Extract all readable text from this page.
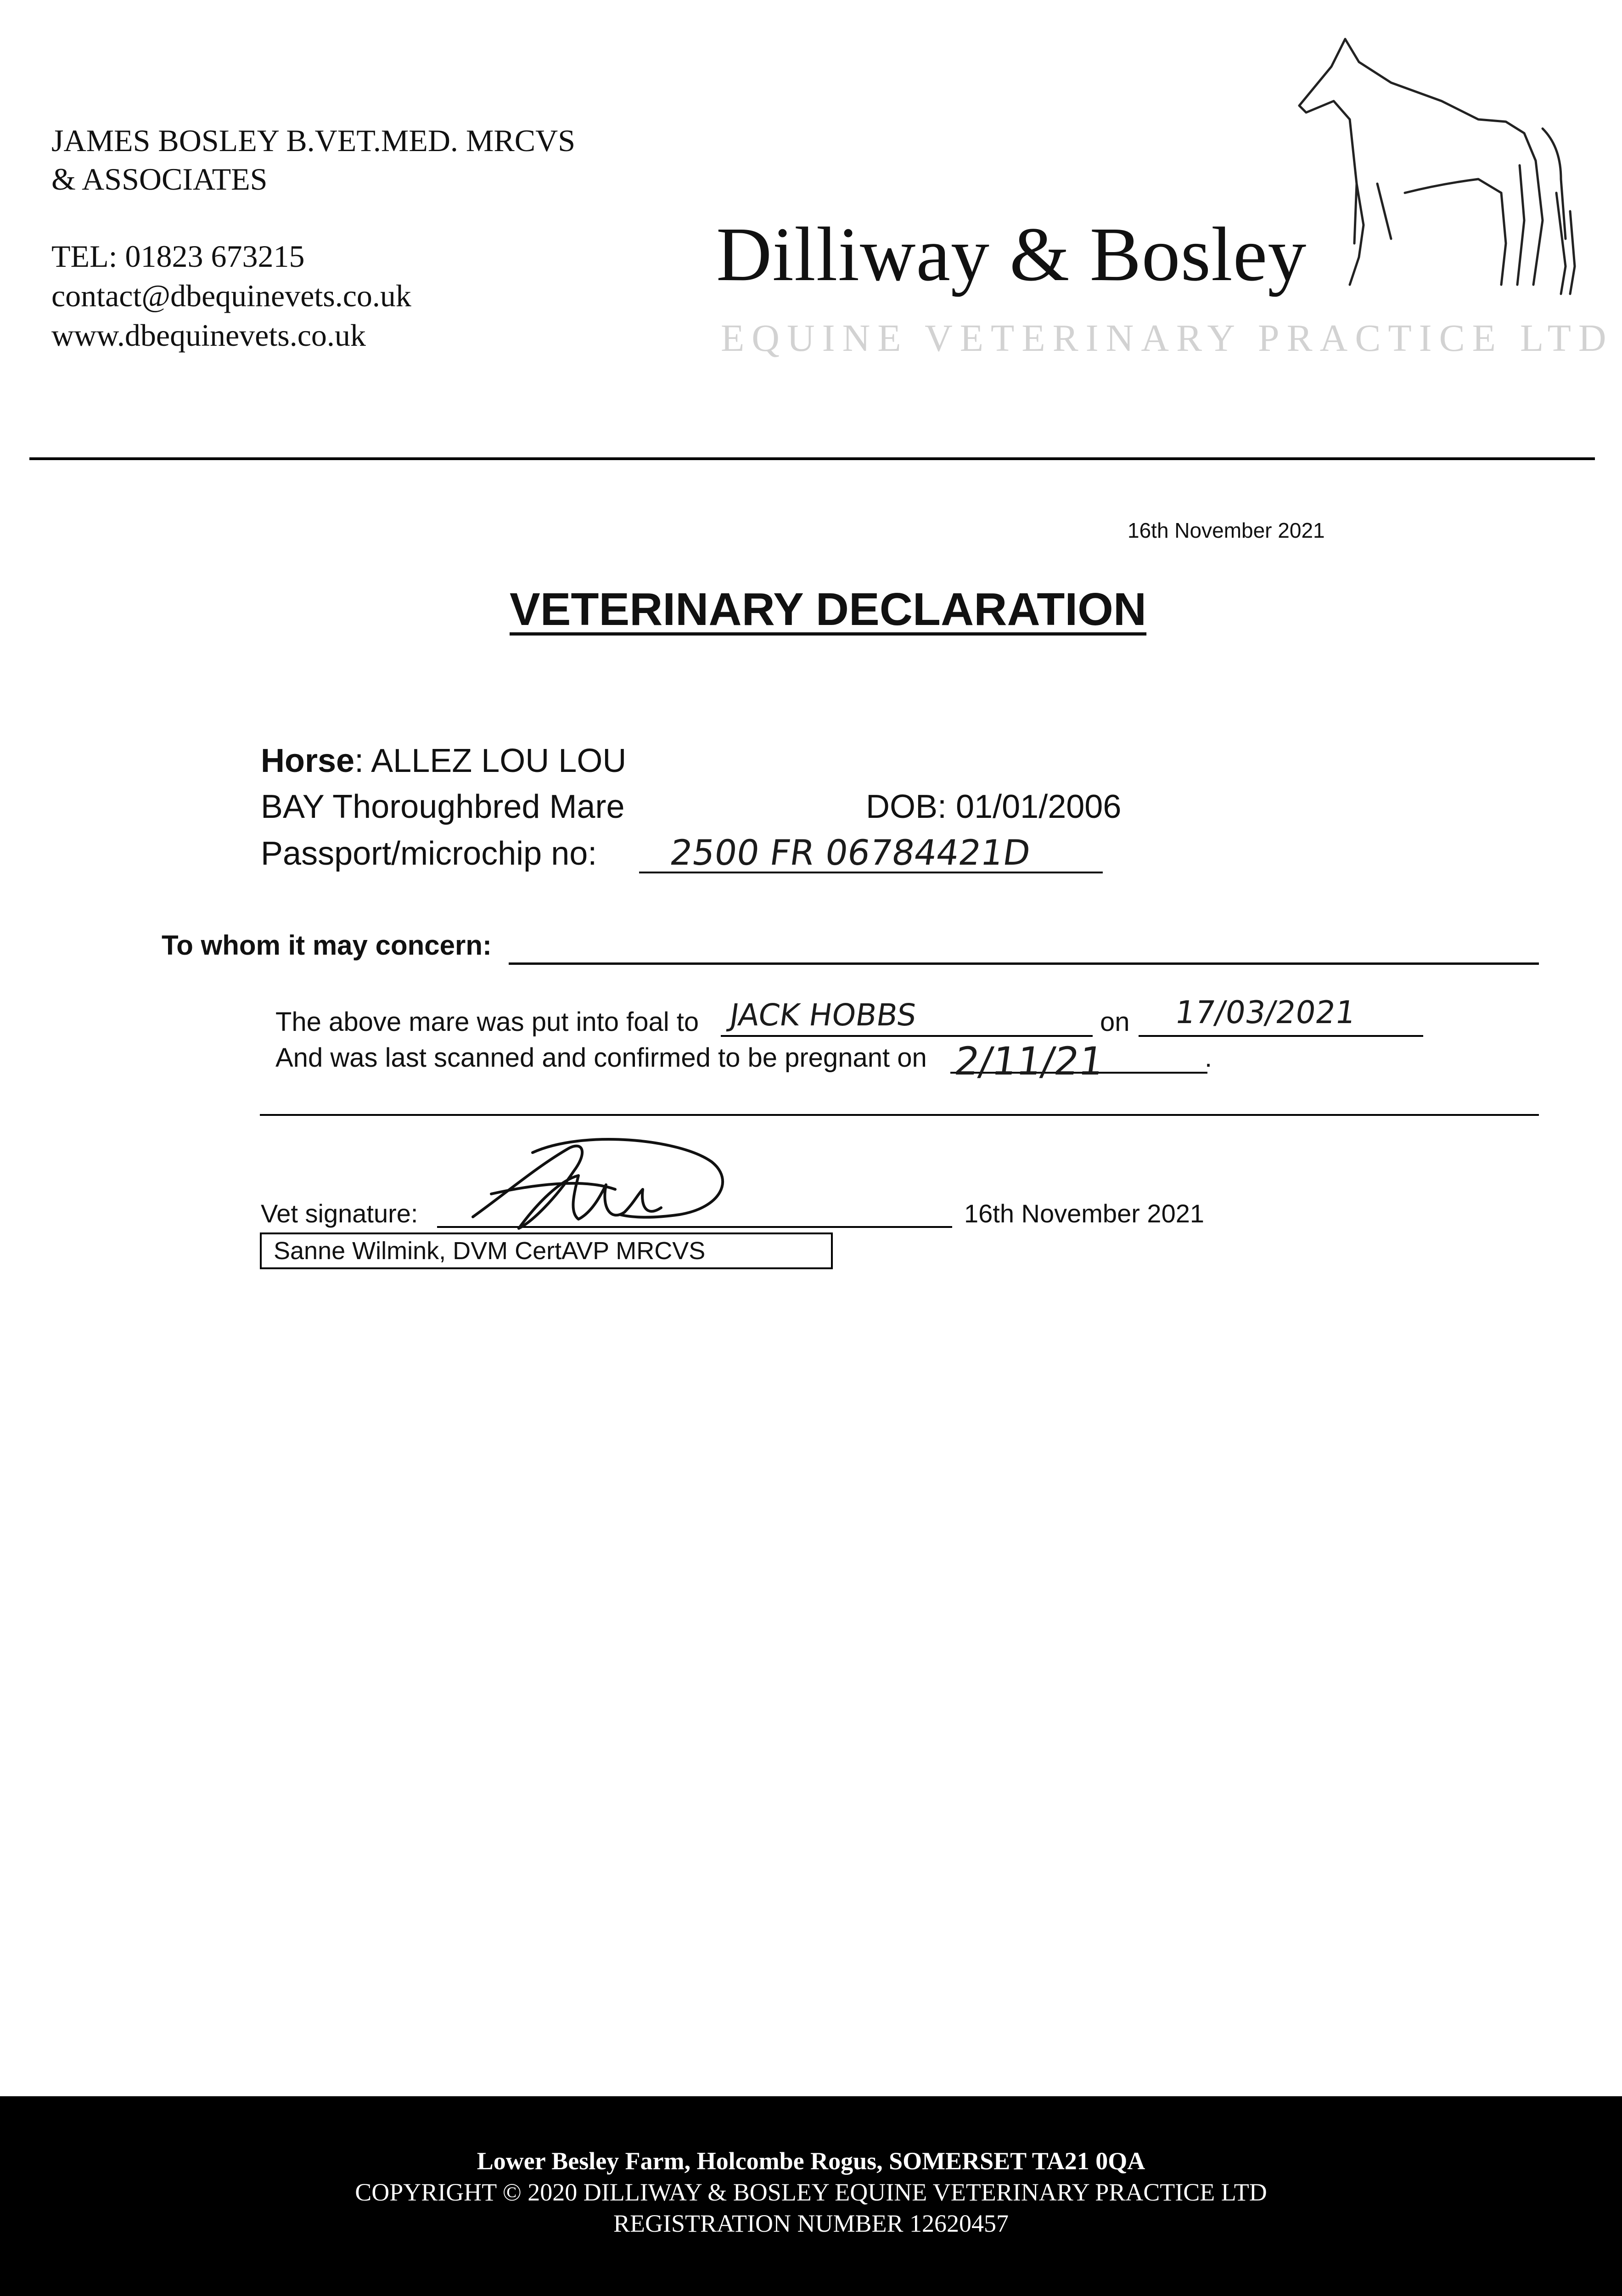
JAMES BOSLEY B.VET.MED. MRCVS
& ASSOCIATES
TEL: 01823 673215
contact@dbequinevets.co.uk
www.dbequinevets.co.uk
Dilliway & Bosley
EQUINE VETERINARY PRACTICE LTD
16th November 2021
VETERINARY DECLARATION
Horse: ALLEZ LOU LOU
BAY Thoroughbred Mare	DOB: 01/01/2006
Passport/microchip no: 2500 FR 06784421D
To whom it may concern:
The above mare was put into foal to JACK HOBBS	on 17/03/2021
And was last scanned and confirmed to be pregnant on 2/11/21	.
Vet signature:	16th November 2021
Sanne Wilmink, DVM CertAVP MRCVS
Lower Besley Farm, Holcombe Rogus, SOMERSET TA21 0QA
COPYRIGHT © 2020 DILLIWAY & BOSLEY EQUINE VETERINARY PRACTICE LTD
REGISTRATION NUMBER 12620457
